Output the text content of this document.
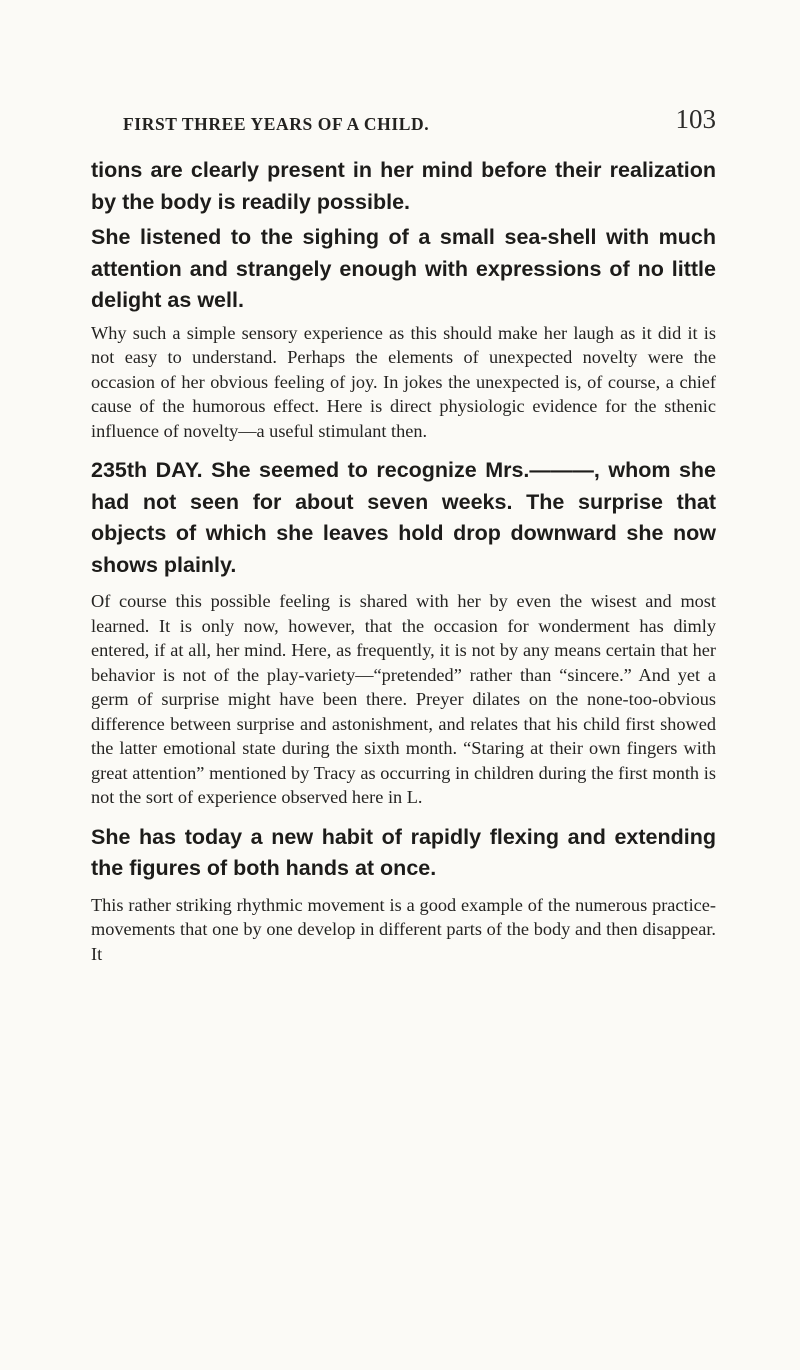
FIRST THREE YEARS OF A CHILD.	103

tions are clearly present in her mind before their realization by the body is readily possible.

She listened to the sighing of a small sea-shell with much attention and strangely enough with expressions of no little delight as well.

Why such a simple sensory experience as this should make her laugh as it did it is not easy to understand. Perhaps the elements of unexpected novelty were the occasion of her obvious feeling of joy. In jokes the unexpected is, of course, a chief cause of the humorous effect. Here is direct physiologic evidence for the sthenic influence of novelty—a useful stimulant then.

235th DAY. She seemed to recognize Mrs.———, whom she had not seen for about seven weeks. The surprise that objects of which she leaves hold drop downward she now shows plainly.

Of course this possible feeling is shared with her by even the wisest and most learned. It is only now, however, that the occasion for wonderment has dimly entered, if at all, her mind. Here, as frequently, it is not by any means certain that her behavior is not of the play-variety—“pretended” rather than “sincere.” And yet a germ of surprise might have been there. Preyer dilates on the none-too-obvious difference between surprise and astonishment, and relates that his child first showed the latter emotional state during the sixth month. “Staring at their own fingers with great attention” mentioned by Tracy as occurring in children during the first month is not the sort of experience observed here in L.

She has today a new habit of rapidly flexing and extending the figures of both hands at once.

This rather striking rhythmic movement is a good example of the numerous practice-movements that one by one develop in different parts of the body and then disappear. It
